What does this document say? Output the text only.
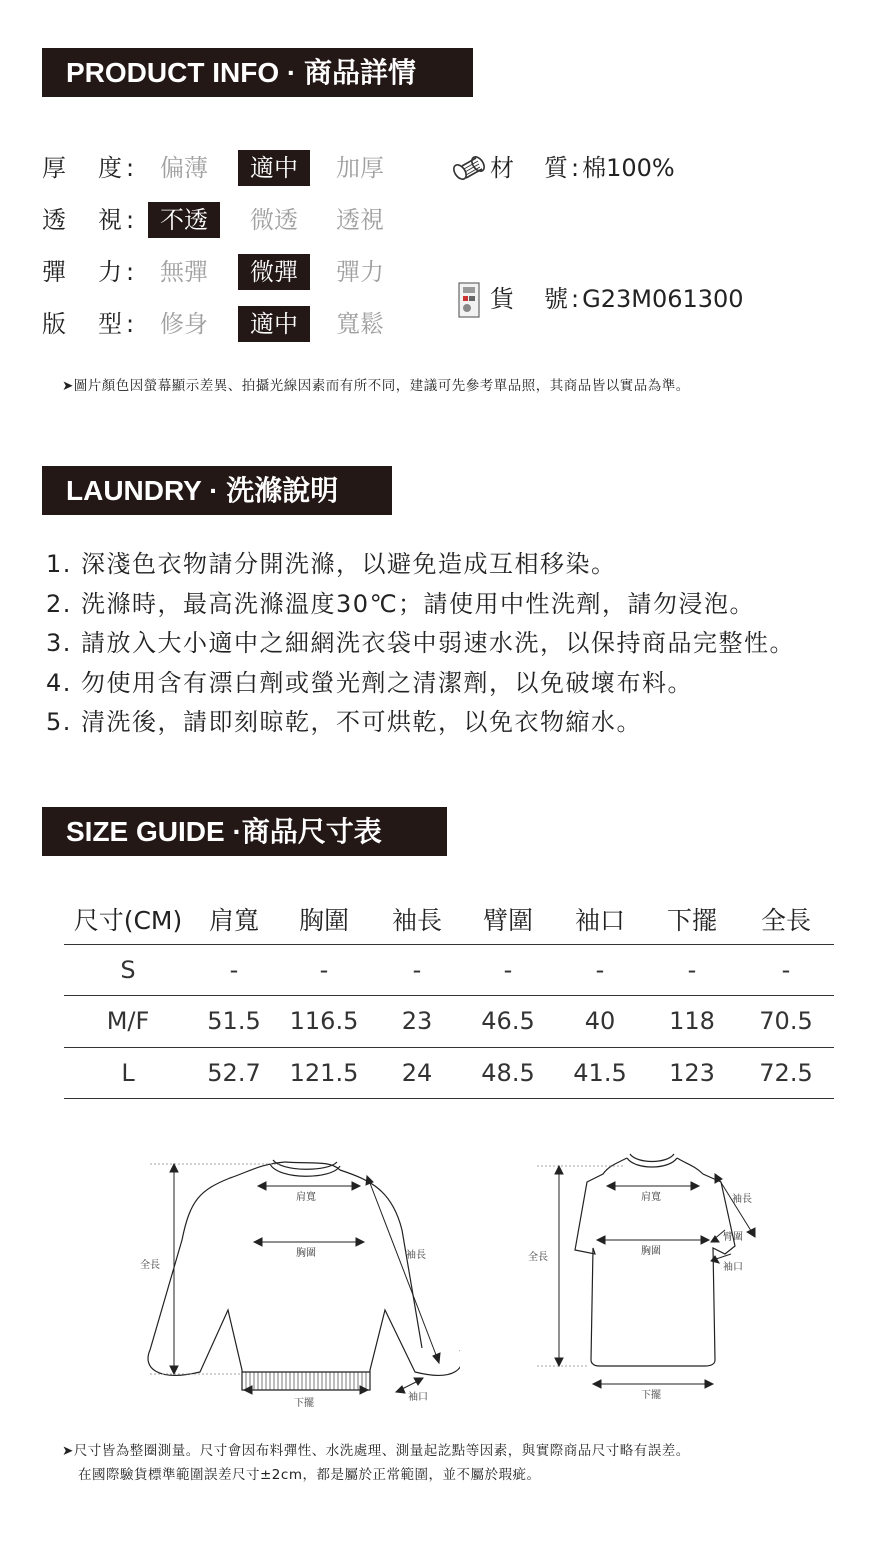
PRODUCT INFO · 商品詳情
厚　度: 偏薄	適中	加厚
透　視: 不透	微透	透視
彈　力: 無彈	微彈	彈力
版　型: 修身	適中	寬鬆
材　質:棉100%
貨　號:G23M061300
➤圖片顏色因螢幕顯示差異、拍攝光線因素而有所不同，建議可先參考單品照，其商品皆以實品為準。
LAUNDRY · 洗滌說明
1. 深淺色衣物請分開洗滌，以避免造成互相移染。
2. 洗滌時，最高洗滌溫度30℃；請使用中性洗劑，請勿浸泡。
3. 請放入大小適中之細網洗衣袋中弱速水洗，以保持商品完整性。
4. 勿使用含有漂白劑或螢光劑之清潔劑，以免破壞布料。
5. 清洗後，請即刻晾乾，不可烘乾，以免衣物縮水。
SIZE GUIDE ·商品尺寸表
尺寸(CM)	肩寬	胸圍	袖長	臂圍	袖口	下擺	全長
S	-	-	-	-	-	-	-
M/F	51.5	116.5	23	46.5	40	118	70.5
L	52.7	121.5	24	48.5	41.5	123	72.5
肩寬
胸圍
全長
袖長
下擺
袖口
肩寬
胸圍
全長
袖長
臂圍
袖口
下擺
➤尺寸皆為整圈測量。尺寸會因布料彈性、水洗處理、測量起訖點等因素，與實際商品尺寸略有誤差。
在國際驗貨標準範圍誤差尺寸±2cm，都是屬於正常範圍，並不屬於瑕疵。
